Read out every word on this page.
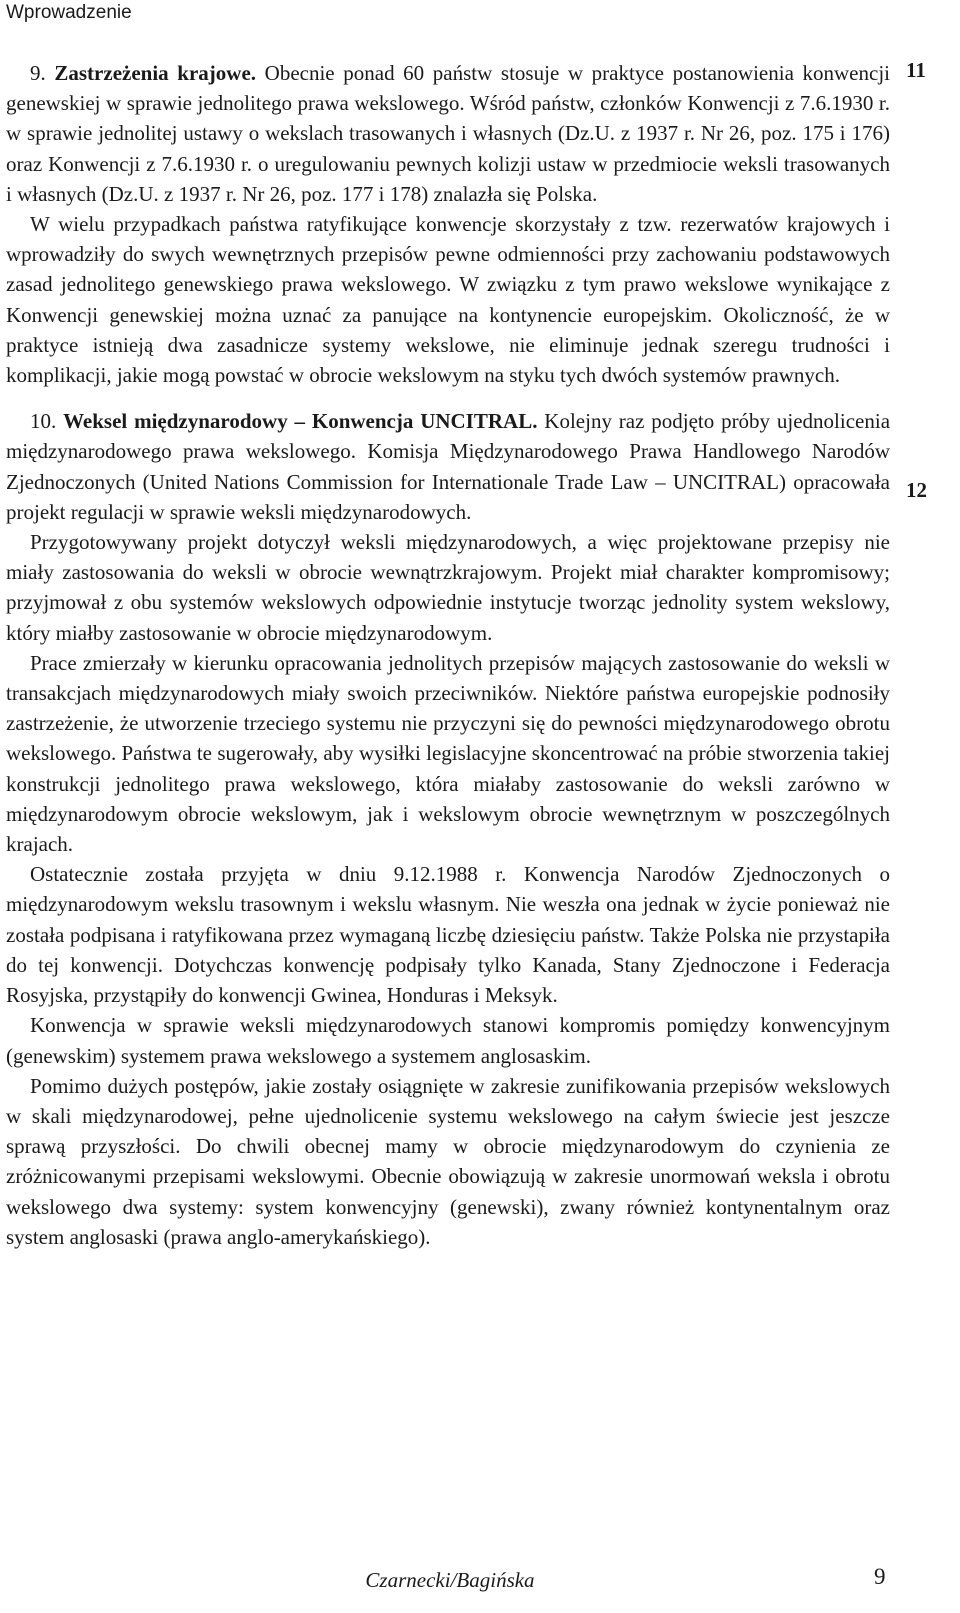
Wprowadzenie
11
12

9. Zastrzeżenia krajowe. Obecnie ponad 60 państw stosuje w praktyce postanowienia konwencji genewskiej w sprawie jednolitego prawa wekslowego. Wśród państw, członków Konwencji z 7.6.1930 r. w sprawie jednolitej ustawy o wekslach trasowanych i własnych (Dz.U. z 1937 r. Nr 26, poz. 175 i 176) oraz Konwencji z 7.6.1930 r. o uregulowaniu pewnych kolizji ustaw w przedmiocie weksli trasowanych i własnych (Dz.U. z 1937 r. Nr 26, poz. 177 i 178) znalazła się Polska.

W wielu przypadkach państwa ratyfikujące konwencje skorzystały z tzw. rezerwatów krajowych i wprowadziły do swych wewnętrznych przepisów pewne odmienności przy zachowaniu podstawowych zasad jednolitego genewskiego prawa wekslowego. W związku z tym prawo wekslowe wynikające z Konwencji genewskiej można uznać za panujące na kontynencie europejskim. Okoliczność, że w praktyce istnieją dwa zasadnicze systemy wekslowe, nie eliminuje jednak szeregu trudności i komplikacji, jakie mogą powstać w obrocie wekslowym na styku tych dwóch systemów prawnych.

10. Weksel międzynarodowy – Konwencja UNCITRAL. Kolejny raz podjęto próby ujednolicenia międzynarodowego prawa wekslowego. Komisja Międzynarodowego Prawa Handlowego Narodów Zjednoczonych (United Nations Commission for Internationale Trade Law – UNCITRAL) opracowała projekt regulacji w sprawie weksli międzynarodowych.

Przygotowywany projekt dotyczył weksli międzynarodowych, a więc projektowane przepisy nie miały zastosowania do weksli w obrocie wewnątrzkrajowym. Projekt miał charakter kompromisowy; przyjmował z obu systemów wekslowych odpowiednie instytucje tworząc jednolity system wekslowy, który miałby zastosowanie w obrocie międzynarodowym.

Prace zmierzały w kierunku opracowania jednolitych przepisów mających zastosowanie do weksli w transakcjach międzynarodowych miały swoich przeciwników. Niektóre państwa europejskie podnosiły zastrzeżenie, że utworzenie trzeciego systemu nie przyczyni się do pewności międzynarodowego obrotu wekslowego. Państwa te sugerowały, aby wysiłki legislacyjne skoncentrować na próbie stworzenia takiej konstrukcji jednolitego prawa wekslowego, która miałaby zastosowanie do weksli zarówno w międzynarodowym obrocie wekslowym, jak i wekslowym obrocie wewnętrznym w poszczególnych krajach.

Ostatecznie została przyjęta w dniu 9.12.1988 r. Konwencja Narodów Zjednoczonych o międzynarodowym wekslu trasownym i wekslu własnym. Nie weszła ona jednak w życie ponieważ nie została podpisana i ratyfikowana przez wymaganą liczbę dziesięciu państw. Także Polska nie przystapiła do tej konwencji. Dotychczas konwencję podpisały tylko Kanada, Stany Zjednoczone i Federacja Rosyjska, przystąpiły do konwencji Gwinea, Honduras i Meksyk.

Konwencja w sprawie weksli międzynarodowych stanowi kompromis pomiędzy konwencyjnym (genewskim) systemem prawa wekslowego a systemem anglosaskim.

Pomimo dużych postępów, jakie zostały osiągnięte w zakresie zunifikowania przepisów wekslowych w skali międzynarodowej, pełne ujednolicenie systemu wekslowego na całym świecie jest jeszcze sprawą przyszłości. Do chwili obecnej mamy w obrocie międzynarodowym do czynienia ze zróżnicowanymi przepisami wekslowymi. Obecnie obowiązują w zakresie unormowań weksla i obrotu wekslowego dwa systemy: system konwencyjny (genewski), zwany również kontynentalnym oraz system anglosaski (prawa anglo-amerykańskiego).

Czarnecki/Bagińska	9
